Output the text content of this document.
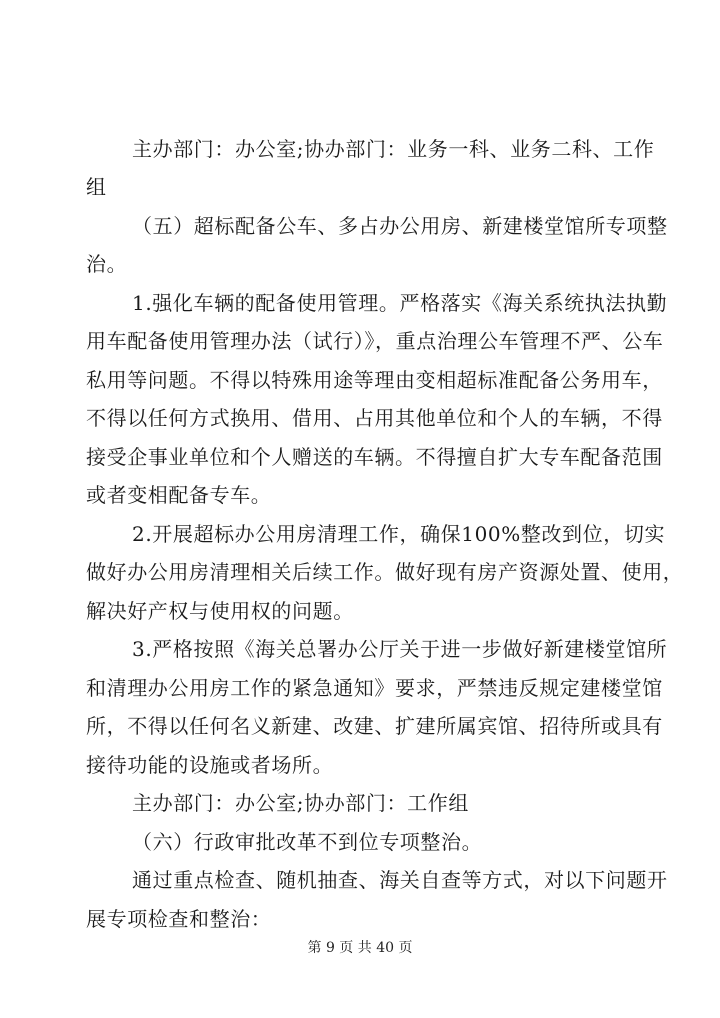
主办部门：办公室;协办部门：业务一科、业务二科、工作
组
（五）超标配备公车、多占办公用房、新建楼堂馆所专项整
治。
1.强化车辆的配备使用管理。严格落实《海关系统执法执勤
用车配备使用管理办法（试行）》，重点治理公车管理不严、公车
私用等问题。不得以特殊用途等理由变相超标准配备公务用车，
不得以任何方式换用、借用、占用其他单位和个人的车辆，不得
接受企事业单位和个人赠送的车辆。不得擅自扩大专车配备范围
或者变相配备专车。
2.开展超标办公用房清理工作，确保100%整改到位，切实
做好办公用房清理相关后续工作。做好现有房产资源处置、使用，
解决好产权与使用权的问题。
3.严格按照《海关总署办公厅关于进一步做好新建楼堂馆所
和清理办公用房工作的紧急通知》要求，严禁违反规定建楼堂馆
所，不得以任何名义新建、改建、扩建所属宾馆、招待所或具有
接待功能的设施或者场所。
主办部门：办公室;协办部门：工作组
（六）行政审批改革不到位专项整治。
通过重点检查、随机抽查、海关自查等方式，对以下问题开
展专项检查和整治：
第 9 页 共 40 页
